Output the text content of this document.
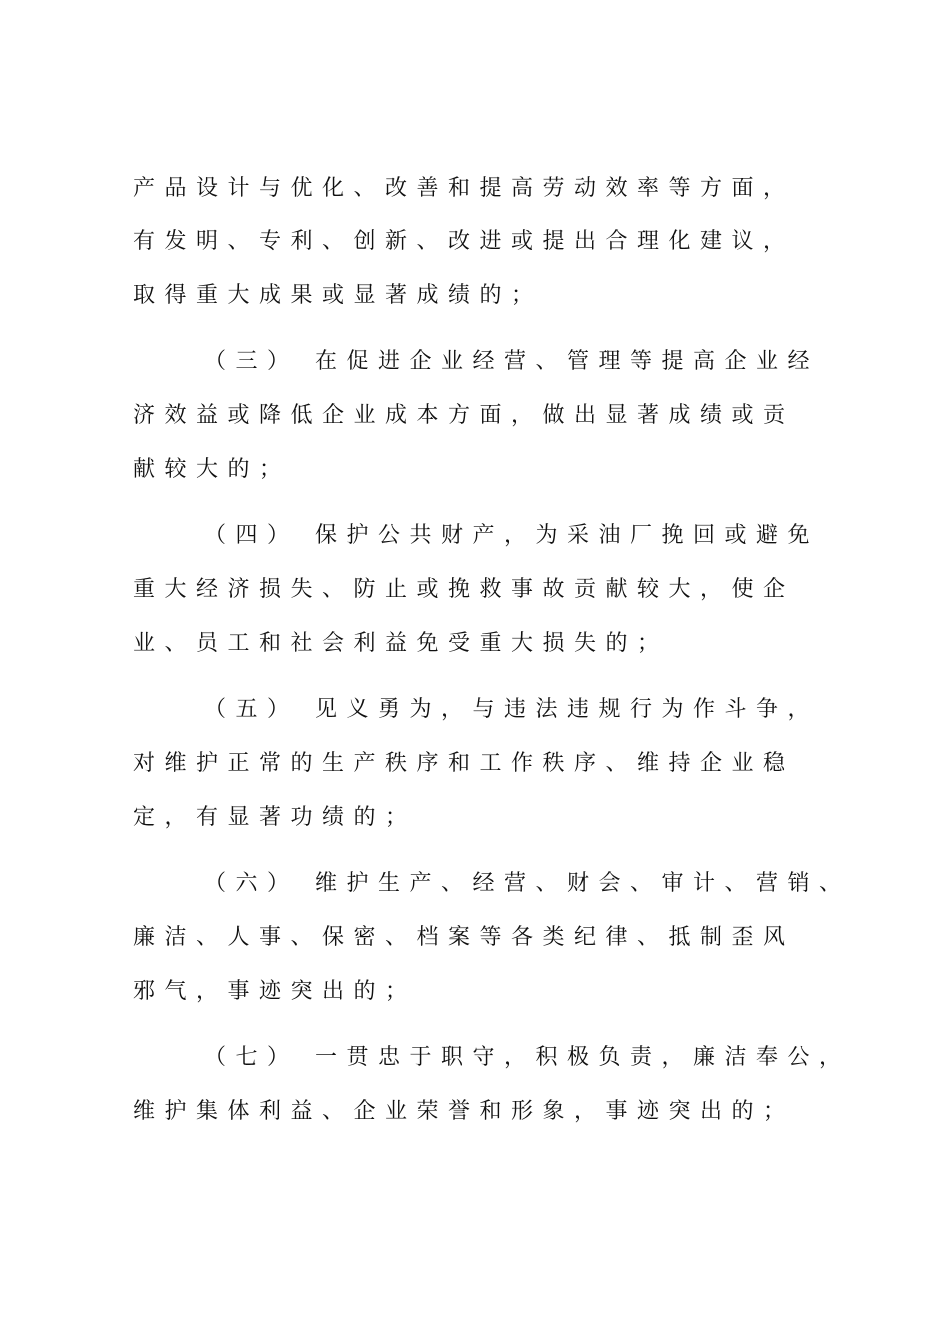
产品设计与优化、改善和提高劳动效率等方面，
有发明、专利、创新、改进或提出合理化建议，
取得重大成果或显著成绩的；
（三） 在促进企业经营、管理等提高企业经
济效益或降低企业成本方面，做出显著成绩或贡
献较大的；
（四） 保护公共财产，为采油厂挽回或避免
重大经济损失、防止或挽救事故贡献较大，使企
业、员工和社会利益免受重大损失的；
（五） 见义勇为，与违法违规行为作斗争，
对维护正常的生产秩序和工作秩序、维持企业稳
定，有显著功绩的；
（六） 维护生产、经营、财会、审计、营销、
廉洁、人事、保密、档案等各类纪律、抵制歪风
邪气，事迹突出的；
（七） 一贯忠于职守，积极负责，廉洁奉公，
维护集体利益、企业荣誉和形象，事迹突出的；
